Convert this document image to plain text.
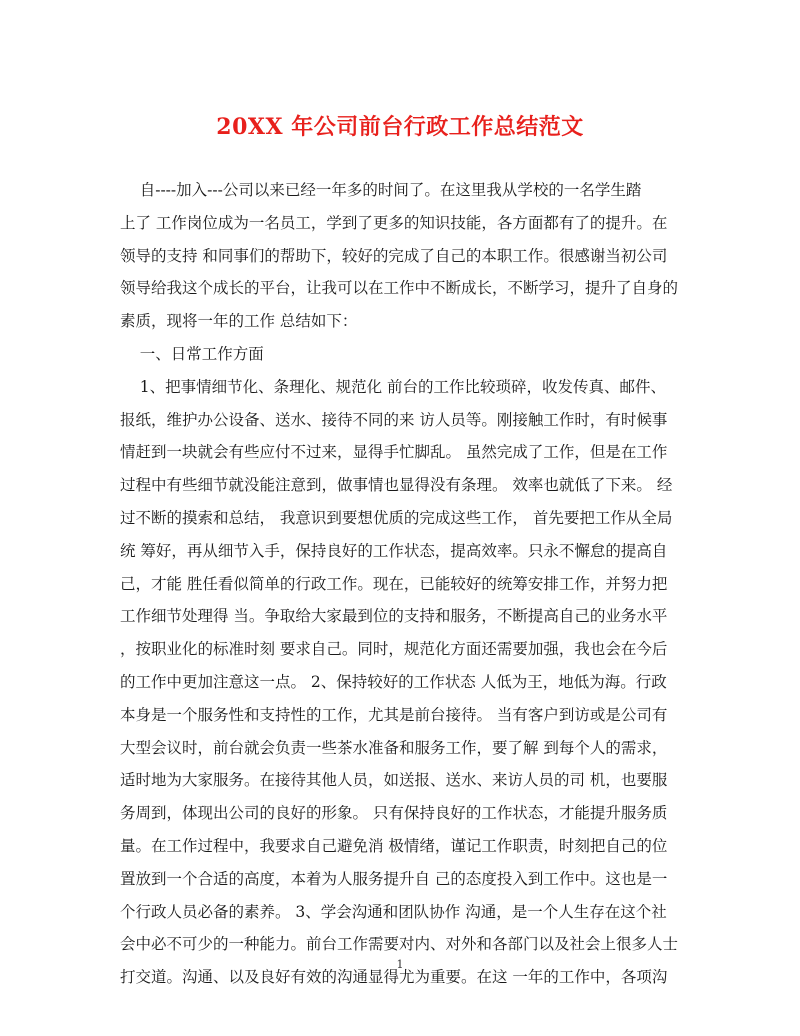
20XX 年公司前台行政工作总结范文
自----加入---公司以来已经一年多的时间了。在这里我从学校的一名学生踏
上了 工作岗位成为一名员工，学到了更多的知识技能，各方面都有了的提升。在
领导的支持 和同事们的帮助下，较好的完成了自己的本职工作。很感谢当初公司
领导给我这个成长的平台，让我可以在工作中不断成长，不断学习，提升了自身的
素质，现将一年的工作 总结如下：
一、日常工作方面
1、把事情细节化、条理化、规范化 前台的工作比较琐碎，收发传真、邮件、
报纸，维护办公设备、送水、接待不同的来 访人员等。刚接触工作时，有时候事
情赶到一块就会有些应付不过来，显得手忙脚乱。 虽然完成了工作，但是在工作
过程中有些细节就没能注意到，做事情也显得没有条理。 效率也就低了下来。 经
过不断的摸索和总结， 我意识到要想优质的完成这些工作， 首先要把工作从全局
统 筹好，再从细节入手，保持良好的工作状态，提高效率。只永不懈怠的提高自
己，才能 胜任看似简单的行政工作。现在，已能较好的统筹安排工作，并努力把
工作细节处理得 当。争取给大家最到位的支持和服务，不断提高自己的业务水平
，按职业化的标准时刻 要求自己。同时，规范化方面还需要加强，我也会在今后
的工作中更加注意这一点。 2、保持较好的工作状态 人低为王，地低为海。行政
本身是一个服务性和支持性的工作，尤其是前台接待。 当有客户到访或是公司有
大型会议时，前台就会负责一些茶水准备和服务工作，要了解 到每个人的需求，
适时地为大家服务。在接待其他人员，如送报、送水、来访人员的司 机，也要服
务周到，体现出公司的良好的形象。 只有保持良好的工作状态，才能提升服务质
量。在工作过程中，我要求自己避免消 极情绪，谨记工作职责，时刻把自己的位
置放到一个合适的高度，本着为人服务提升自 己的态度投入到工作中。这也是一
个行政人员必备的素养。 3、学会沟通和团队协作 沟通，是一个人生存在这个社
会中必不可少的一种能力。前台工作需要对内、对外和各部门以及社会上很多人士
打交道。沟通、以及良好有效的沟通显得尤为重要。在这 一年的工作中，各项沟
1
